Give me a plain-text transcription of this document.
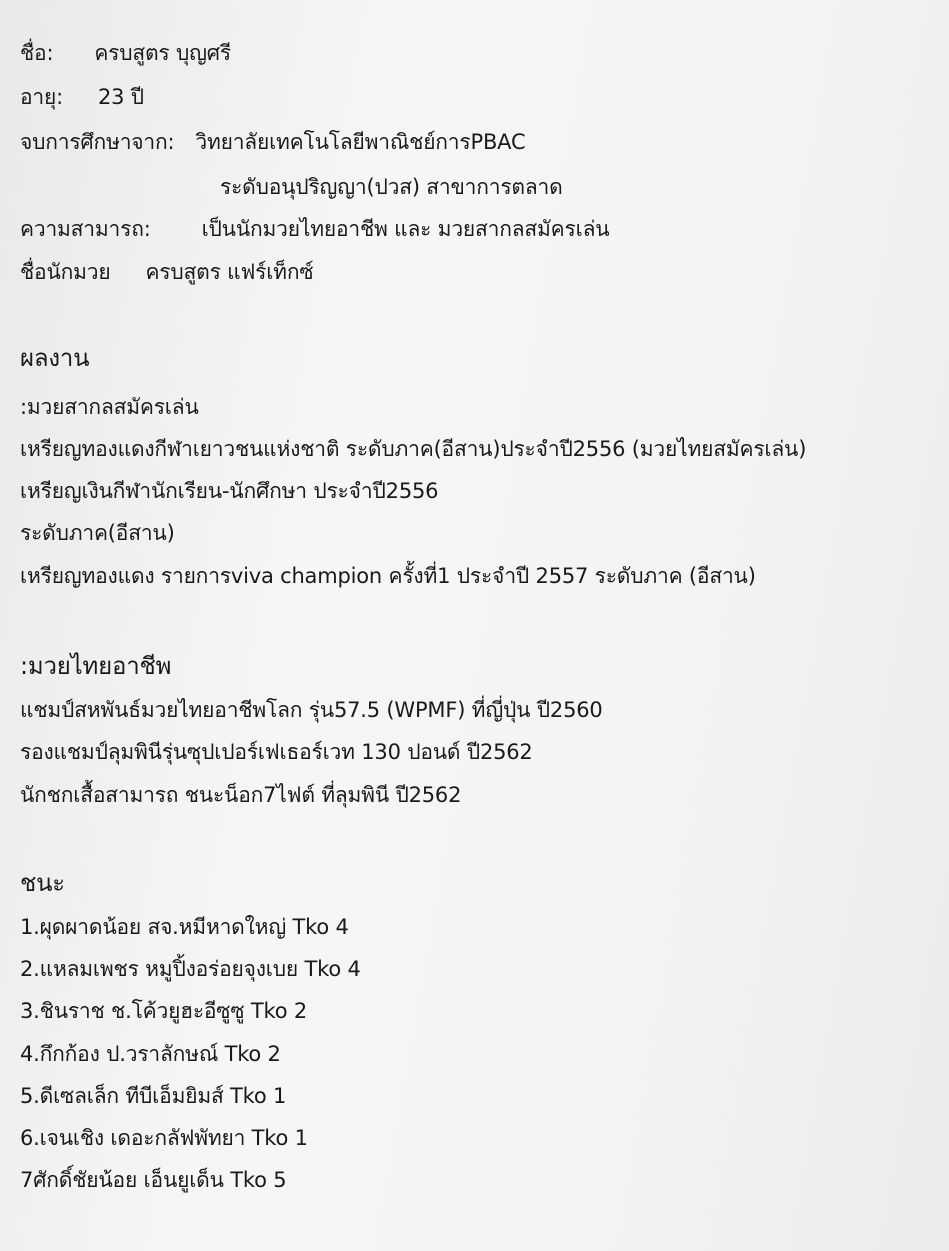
ชื่อ: ครบสูตร บุญศรี
อายุ: 23 ปี
จบการศึกษาจาก: วิทยาลัยเทคโนโลยีพาณิชย์การPBAC
ระดับอนุปริญญา(ปวส) สาขาการตลาด
ความสามารถ: เป็นนักมวยไทยอาชีพ และ มวยสากลสมัครเล่น
ชื่อนักมวย ครบสูตร แฟร์เท็กซ์
ผลงาน
:มวยสากลสมัครเล่น
เหรียญทองแดงกีฬาเยาวชนแห่งชาติ ระดับภาค(อีสาน)ประจำปี2556 (มวยไทยสมัครเล่น)
เหรียญเงินกีฬานักเรียน-นักศึกษา ประจำปี2556
ระดับภาค(อีสาน)
เหรียญทองแดง รายการviva champion ครั้งที่1 ประจำปี 2557 ระดับภาค (อีสาน)
:มวยไทยอาชีพ
แชมป์สหพันธ์มวยไทยอาชีพโลก รุ่น57.5 (WPMF) ที่ญี่ปุ่น ปี2560
รองแชมป์ลุมพินีรุ่นซุปเปอร์เฟเธอร์เวท 130 ปอนด์ ปี2562
นักชกเสื้อสามารถ ชนะน็อก7ไฟต์ ที่ลุมพินี ปี2562
ชนะ
1.ผุดผาดน้อย สจ.หมีหาดใหญ่ Tko 4
2.แหลมเพชร หมูปิ้งอร่อยจุงเบย Tko 4
3.ชินราช ช.โค้วยูฮะอีซูซู Tko 2
4.กึกก้อง ป.วราลักษณ์ Tko 2
5.ดีเซลเล็ก ทีบีเอ็มยิมส์ Tko 1
6.เจนเชิง เดอะกลัฟพัทยา Tko 1
7ศักดิ์ชัยน้อย เอ็นยูเด็น Tko 5
